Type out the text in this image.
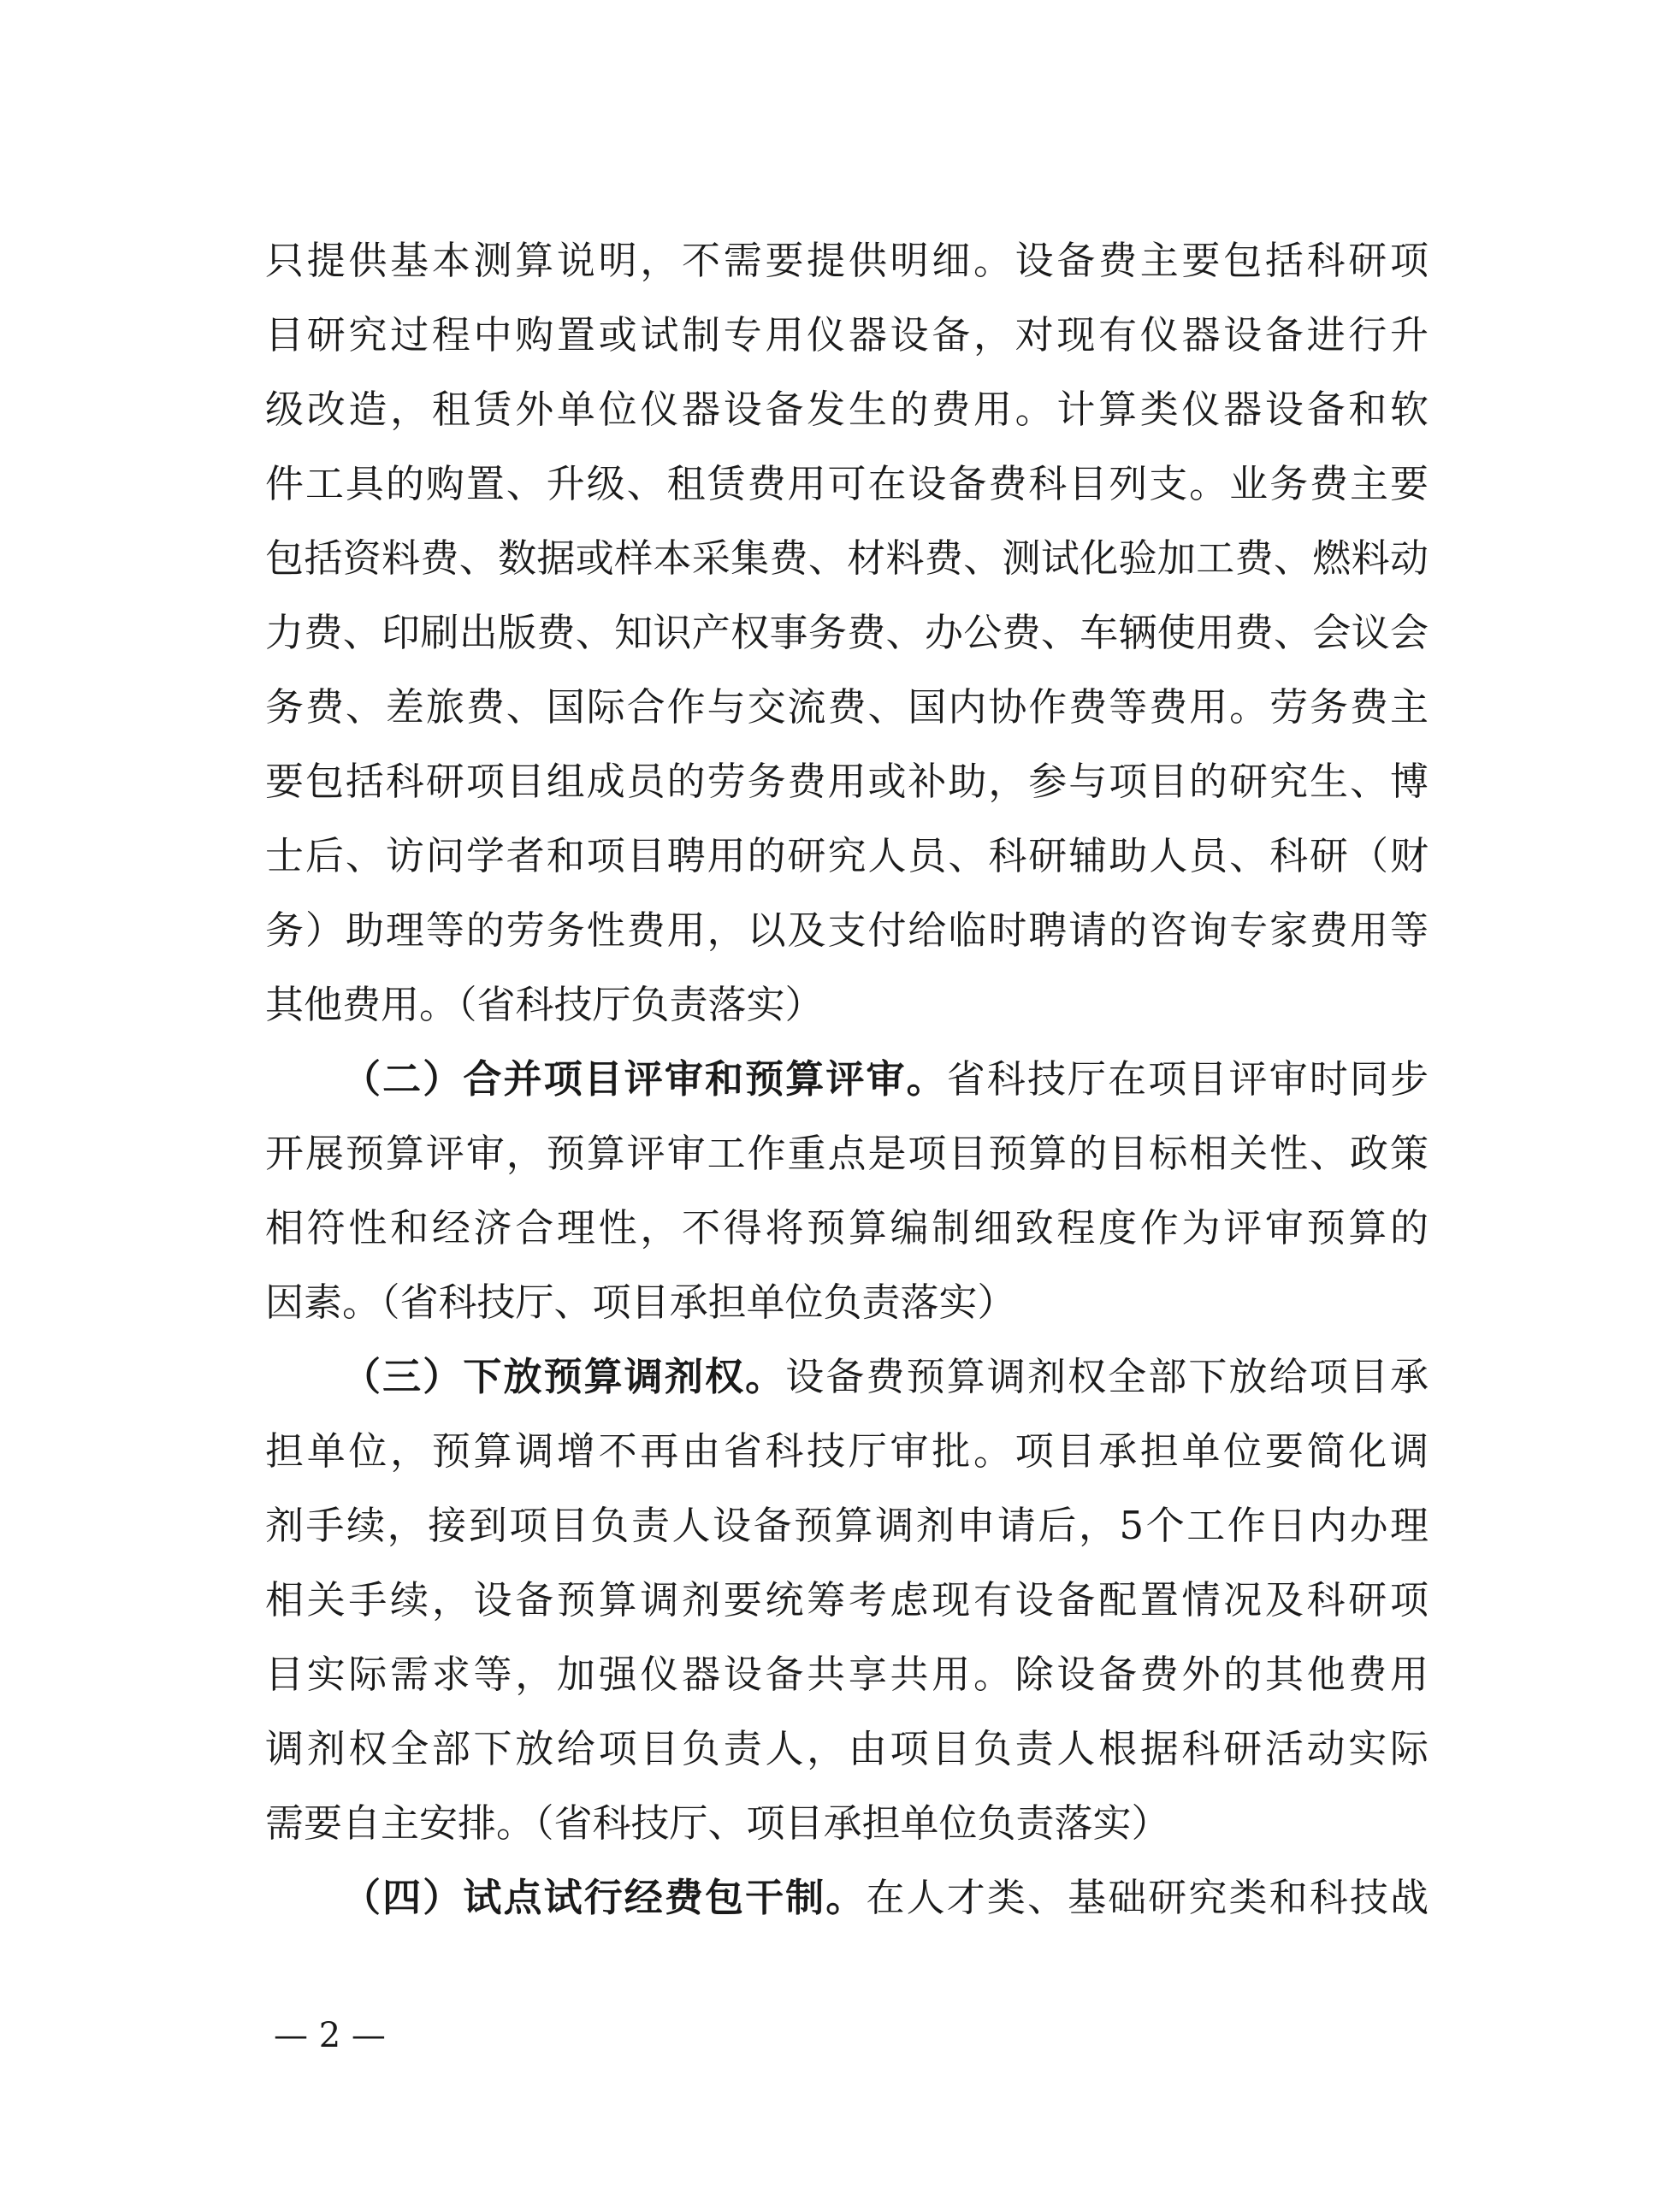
只提供基本测算说明，不需要提供明细。设备费主要包括科研项
目研究过程中购置或试制专用仪器设备，对现有仪器设备进行升
级改造，租赁外单位仪器设备发生的费用。计算类仪器设备和软
件工具的购置、升级、租赁费用可在设备费科目列支。业务费主要
包括资料费、数据或样本采集费、材料费、测试化验加工费、燃料动
力费、印刷出版费、知识产权事务费、办公费、车辆使用费、会议会
务费、差旅费、国际合作与交流费、国内协作费等费用。劳务费主
要包括科研项目组成员的劳务费用或补助，参与项目的研究生、博
士后、访问学者和项目聘用的研究人员、科研辅助人员、科研（财
务）助理等的劳务性费用，以及支付给临时聘请的咨询专家费用等
其他费用。（省科技厅负责落实）
（二）合并项目评审和预算评审。省科技厅在项目评审时同步
开展预算评审，预算评审工作重点是项目预算的目标相关性、政策
相符性和经济合理性，不得将预算编制细致程度作为评审预算的
因素。（省科技厅、项目承担单位负责落实）
（三）下放预算调剂权。设备费预算调剂权全部下放给项目承
担单位，预算调增不再由省科技厅审批。项目承担单位要简化调
剂手续，接到项目负责人设备预算调剂申请后，5个工作日内办理
相关手续，设备预算调剂要统筹考虑现有设备配置情况及科研项
目实际需求等，加强仪器设备共享共用。除设备费外的其他费用
调剂权全部下放给项目负责人，由项目负责人根据科研活动实际
需要自主安排。（省科技厅、项目承担单位负责落实）
（四）试点试行经费包干制。在人才类、基础研究类和科技战
— 2 —
